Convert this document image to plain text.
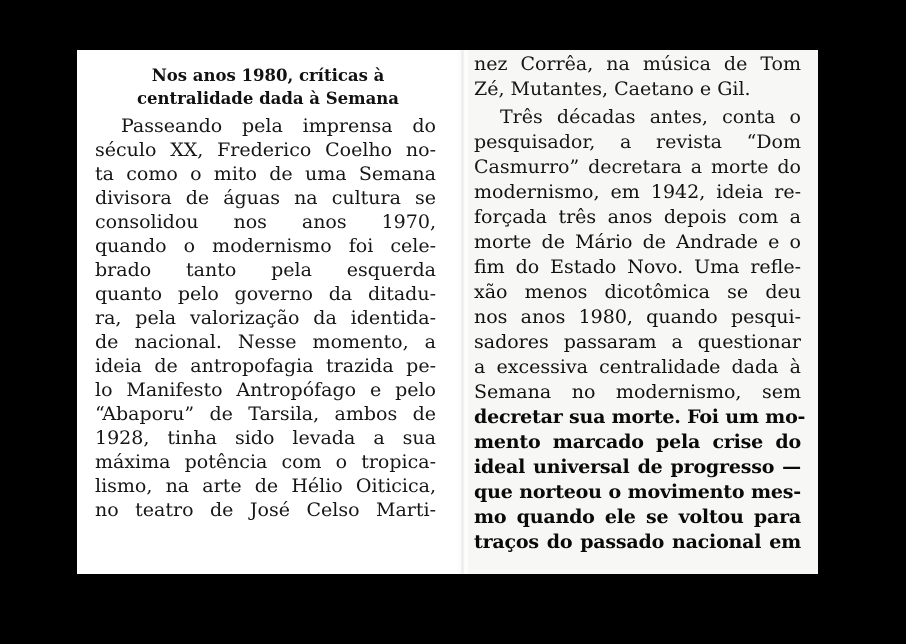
Nos anos 1980, críticas à
centralidade dada à Semana
Passeando pela imprensa do
século XX, Frederico Coelho no-
ta como o mito de uma Semana
divisora de águas na cultura se
consolidou nos anos 1970,
quando o modernismo foi cele-
brado tanto pela esquerda
quanto pelo governo da ditadu-
ra, pela valorização da identida-
de nacional. Nesse momento, a
ideia de antropofagia trazida pe-
lo Manifesto Antropófago e pelo
“Abaporu” de Tarsila, ambos de
1928, tinha sido levada a sua
máxima potência com o tropica-
lismo, na arte de Hélio Oiticica,
no teatro de José Celso Marti-
nez Corrêa, na música de Tom
Zé, Mutantes, Caetano e Gil.
Três décadas antes, conta o
pesquisador, a revista “Dom
Casmurro” decretara a morte do
modernismo, em 1942, ideia re-
forçada três anos depois com a
morte de Mário de Andrade e o
fim do Estado Novo. Uma refle-
xão menos dicotômica se deu
nos anos 1980, quando pesqui-
sadores passaram a questionar
a excessiva centralidade dada à
Semana no modernismo, sem
decretar sua morte. Foi um mo-
mento marcado pela crise do
ideal universal de progresso —
que norteou o movimento mes-
mo quando ele se voltou para
traços do passado nacional em
